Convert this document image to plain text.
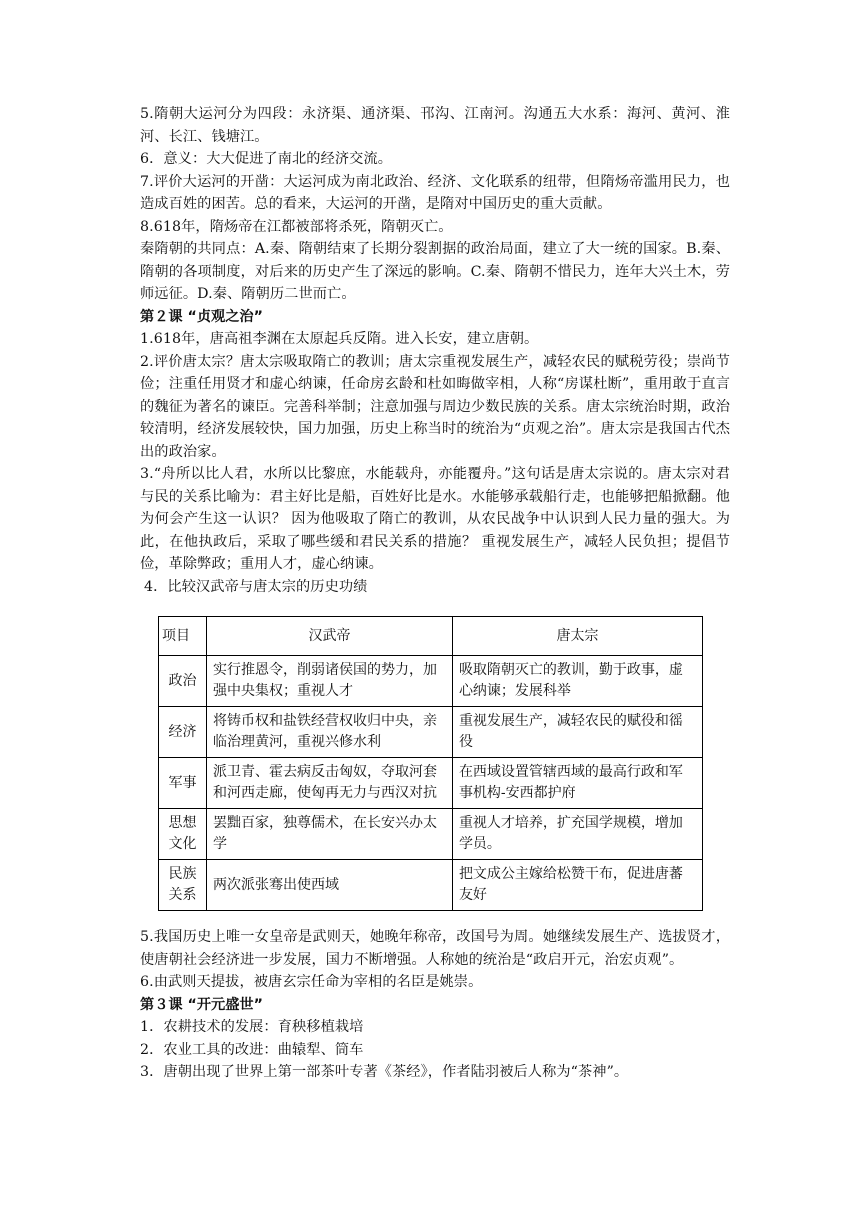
5.隋朝大运河分为四段：永济渠、通济渠、邗沟、江南河。沟通五大水系：海河、黄河、淮河、长江、钱塘江。

6．意义：大大促进了南北的经济交流。

7.评价大运河的开凿：大运河成为南北政治、经济、文化联系的纽带，但隋炀帝滥用民力，也造成百姓的困苦。总的看来，大运河的开凿，是隋对中国历史的重大贡献。

8.618年，隋炀帝在江都被部将杀死，隋朝灭亡。

秦隋朝的共同点：A.秦、隋朝结束了长期分裂割据的政治局面，建立了大一统的国家。B.秦、隋朝的各项制度，对后来的历史产生了深远的影响。C.秦、隋朝不惜民力，连年大兴土木，劳师远征。D.秦、隋朝历二世而亡。

第２课 “贞观之治”

1.618年，唐高祖李渊在太原起兵反隋。进入长安，建立唐朝。

2.评价唐太宗？唐太宗吸取隋亡的教训；唐太宗重视发展生产，减轻农民的赋税劳役；崇尚节俭；注重任用贤才和虚心纳谏，任命房玄龄和杜如晦做宰相，人称“房谋杜断”，重用敢于直言的魏征为著名的谏臣。完善科举制；注意加强与周边少数民族的关系。唐太宗统治时期，政治较清明，经济发展较快，国力加强，历史上称当时的统治为“贞观之治”。唐太宗是我国古代杰出的政治家。

3.“舟所以比人君，水所以比黎庶，水能载舟，亦能覆舟。”这句话是唐太宗说的。唐太宗对君与民的关系比喻为：君主好比是船，百姓好比是水。水能够承载船行走，也能够把船掀翻。他为何会产生这一认识？ 因为他吸取了隋亡的教训，从农民战争中认识到人民力量的强大。为此，在他执政后，采取了哪些缓和君民关系的措施？ 重视发展生产，减轻人民负担；提倡节俭，革除弊政；重用人才，虚心纳谏。

4．比较汉武帝与唐太宗的历史功绩

项目	汉武帝	唐太宗
政治	实行推恩令，削弱诸侯国的势力，加强中央集权；重视人才	吸取隋朝灭亡的教训，勤于政事，虚心纳谏；发展科举
经济	将铸币权和盐铁经营权收归中央，亲临治理黄河，重视兴修水利	重视发展生产，减轻农民的赋役和徭役
军事	派卫青、霍去病反击匈奴，夺取河套和河西走廊，使匈再无力与西汉对抗	在西域设置管辖西域的最高行政和军事机构-安西都护府
思想文化	罢黜百家，独尊儒术，在长安兴办太学	重视人才培养，扩充国学规模，增加学员。
民族关系	两次派张骞出使西域	把文成公主嫁给松赞干布，促进唐蕃友好

5.我国历史上唯一女皇帝是武则天，她晚年称帝，改国号为周。她继续发展生产、选拔贤才，使唐朝社会经济进一步发展，国力不断增强。人称她的统治是“政启开元，治宏贞观”。

6.由武则天提拔，被唐玄宗任命为宰相的名臣是姚崇。

第３课 “开元盛世”

1．农耕技术的发展：育秧移植栽培

2．农业工具的改进：曲辕犁、筒车

3．唐朝出现了世界上第一部茶叶专著《茶经》，作者陆羽被后人称为“茶神”。
